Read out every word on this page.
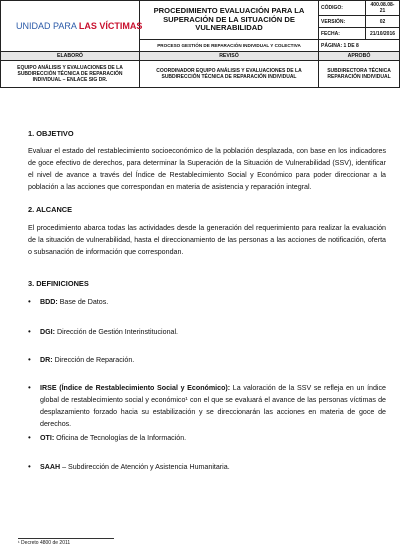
UNIDAD PARA LAS VÍCTIMAS	PROCEDIMIENTO EVALUACIÓN PARA LA SUPERACIÓN DE LA SITUACIÓN DE VULNERABILIDAD	CÓDIGO:	400.08.08-21
		VERSIÓN:	02
		FECHA:	21/10/2016
	PROCESO GESTIÓN DE REPARACIÓN INDIVIDUAL Y COLECTIVA	PÁGINA: 1 DE 8	
ELABORÓ	REVISÓ	APROBÓ	
EQUIPO ANÁLISIS Y EVALUACIONES DE LA SUBDIRECCIÓN TÉCNICA DE REPARACIÓN INDIVIDUAL – ENLACE SIG DR.	COORDINADOR EQUIPO ANÁLISIS Y EVALUACIONES DE LA SUBDIRECCIÓN TÉCNICA DE REPARACIÓN INDIVIDUAL	SUBDIRECTORA TÉCNICA REPARACIÓN INDIVIDUAL	
1. OBJETIVO

Evaluar el estado del restablecimiento socioeconómico de la población desplazada, con base en los indicadores de goce efectivo de derechos, para determinar la Superación de la Situación de Vulnerabilidad (SSV), identificar el nivel de avance a través del Índice de Restablecimiento Social y Económico para poder direccionar a la población a las acciones que correspondan en materia de asistencia y reparación integral.

2. ALCANCE

El procedimiento abarca todas las actividades desde la generación del requerimiento para realizar la evaluación de la situación de vulnerabilidad, hasta el direccionamiento de las personas a las acciones de notificación, oferta o subsanación de información que correspondan.

3. DEFINICIONES
• BDD: Base de Datos.
• DGI: Dirección de Gestión Interinstitucional.
• DR: Dirección de Reparación.
• IRSE (Índice de Restablecimiento Social y Económico): La valoración de la SSV se refleja en un índice global de restablecimiento social y económico¹ con el que se evaluará el avance de las personas víctimas de desplazamiento forzado hacia su estabilización y se direccionarán las acciones en materia de goce de derechos.
• OTI: Oficina de Tecnologías de la Información.
• SAAH – Subdirección de Atención y Asistencia Humanitaria.
¹ Decreto 4800 de 2011
